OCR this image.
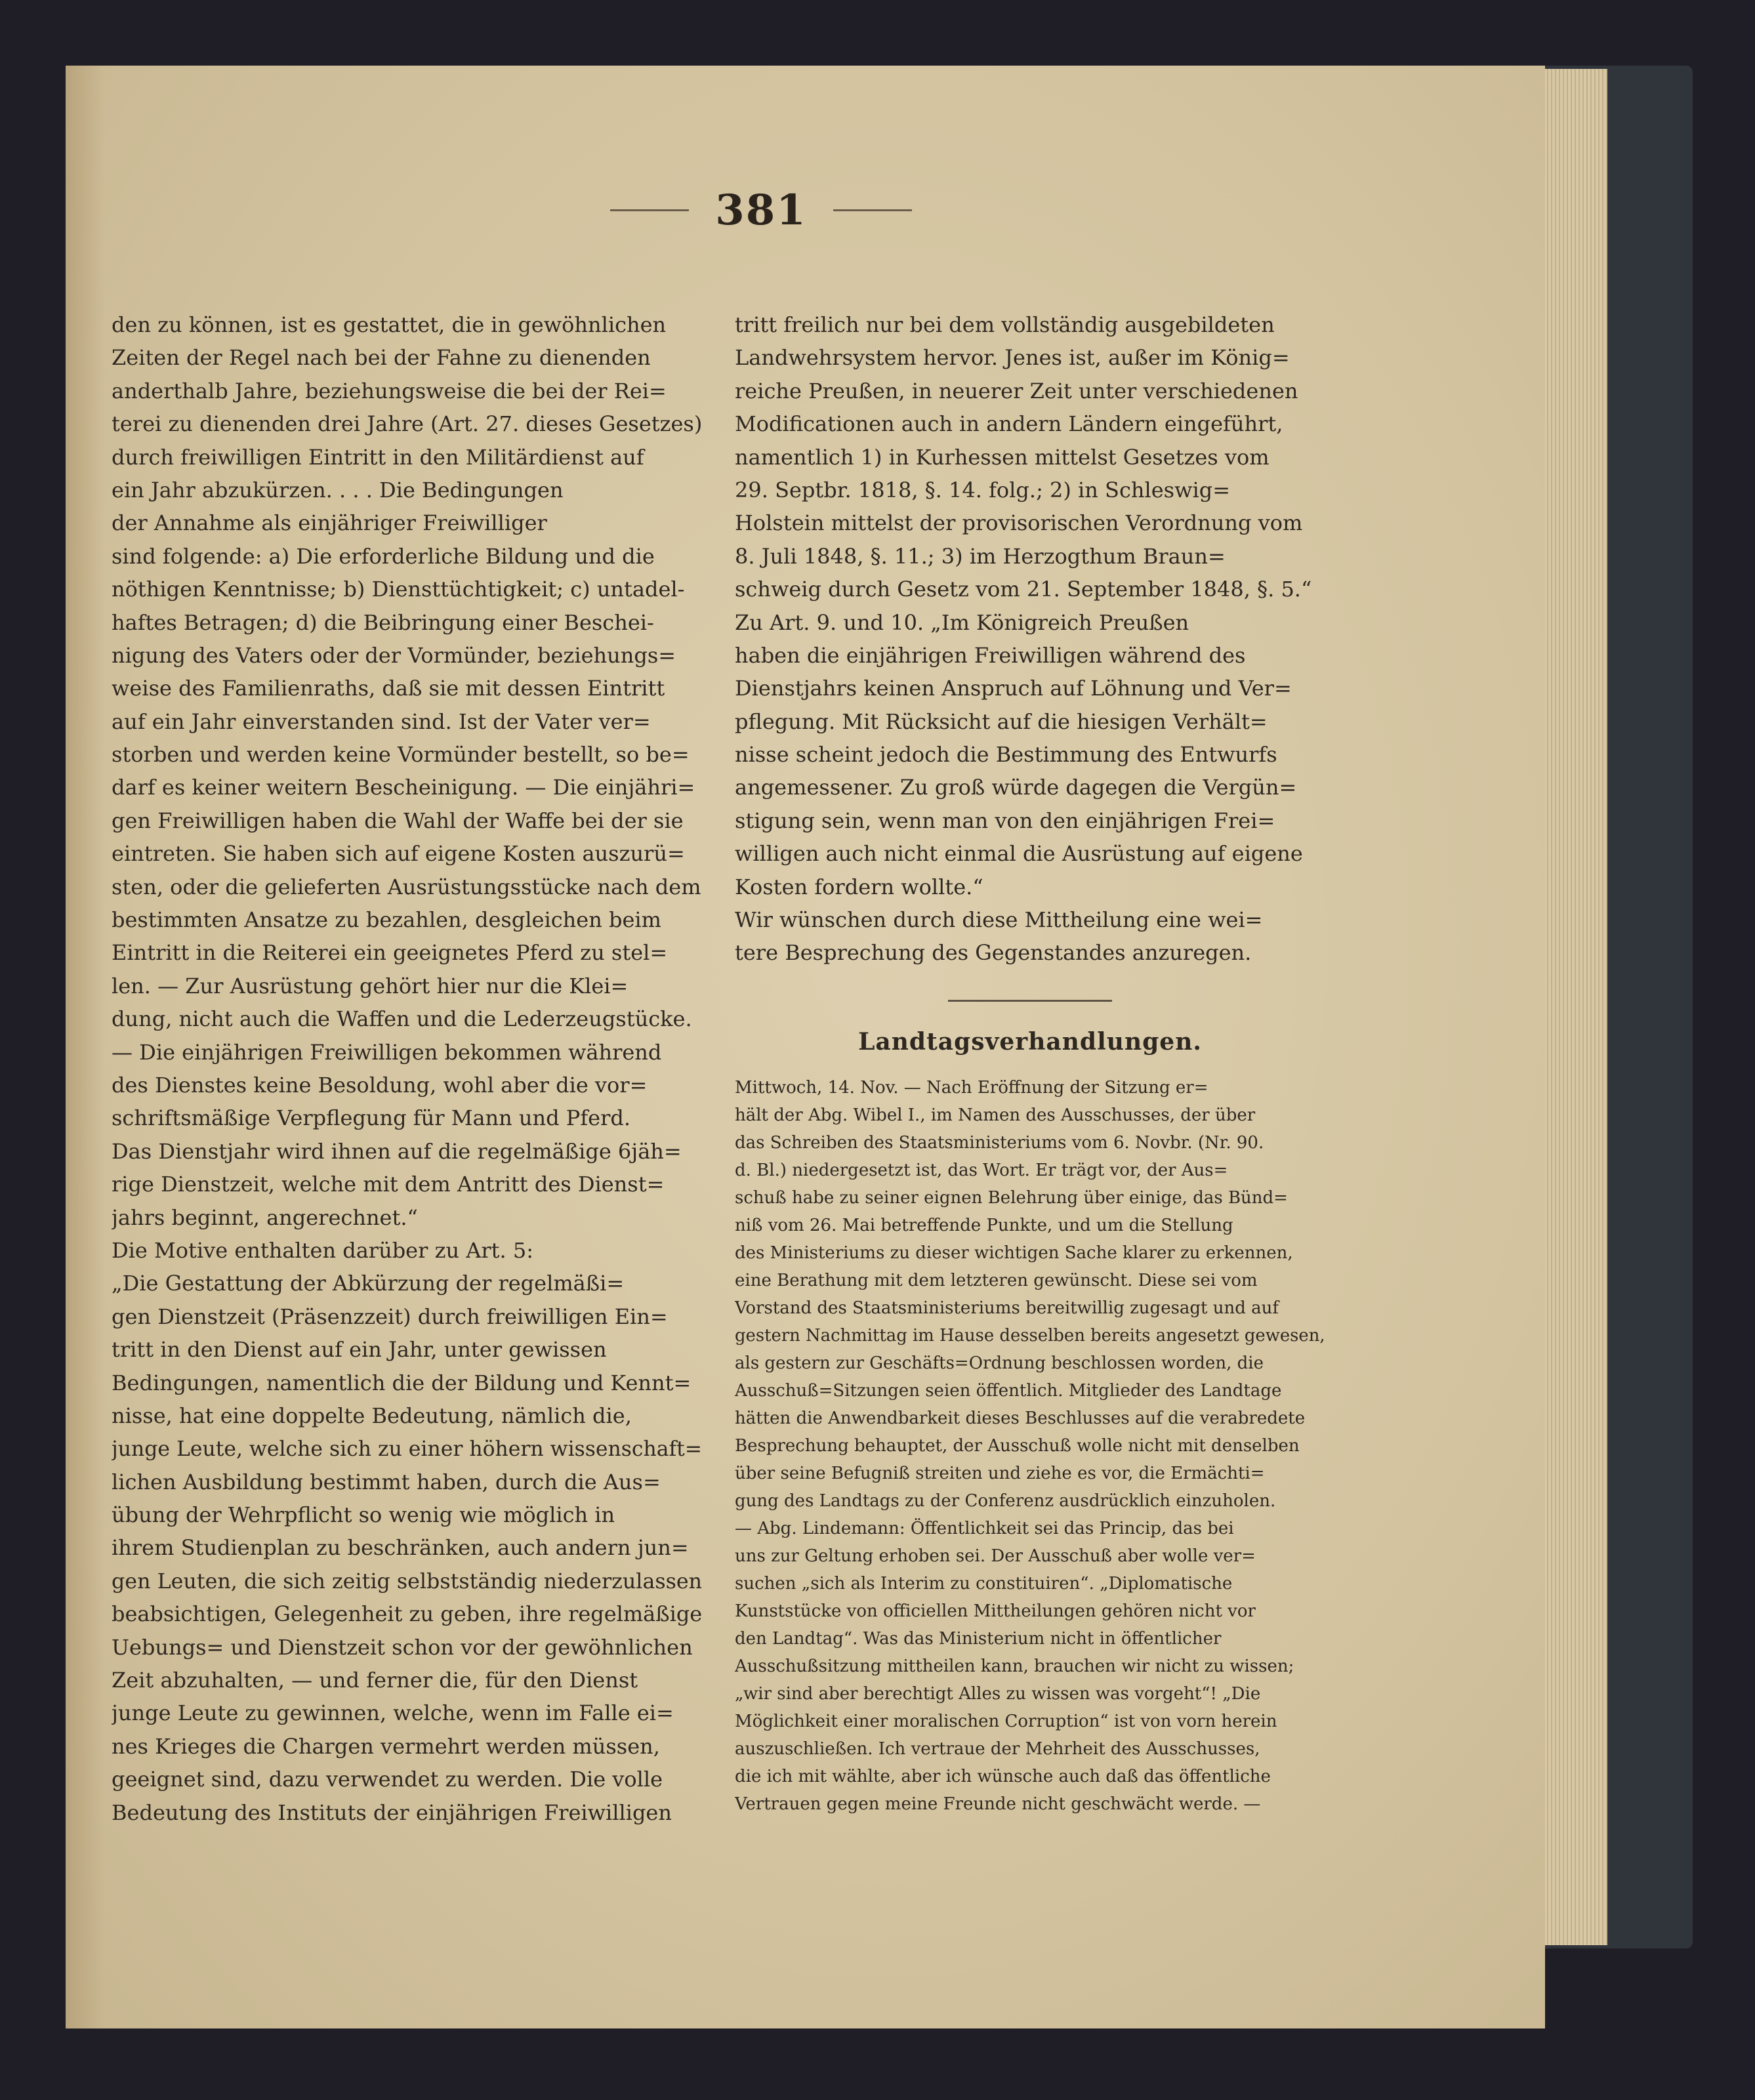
381
den zu können, ist es gestattet, die in gewöhnlichen
Zeiten der Regel nach bei der Fahne zu dienenden
anderthalb Jahre, beziehungsweise die bei der Rei=
terei zu dienenden drei Jahre (Art. 27. dieses Gesetzes)
durch freiwilligen Eintritt in den Militärdienst auf
ein Jahr abzukürzen. . . . Die Bedingungen
der Annahme als einjähriger Freiwilliger
sind folgende: a) Die erforderliche Bildung und die
nöthigen Kenntnisse; b) Diensttüchtigkeit; c) untadel-
haftes Betragen; d) die Beibringung einer Beschei-
nigung des Vaters oder der Vormünder, beziehungs=
weise des Familienraths, daß sie mit dessen Eintritt
auf ein Jahr einverstanden sind. Ist der Vater ver=
storben und werden keine Vormünder bestellt, so be=
darf es keiner weitern Bescheinigung. — Die einjähri=
gen Freiwilligen haben die Wahl der Waffe bei der sie
eintreten. Sie haben sich auf eigene Kosten auszurü=
sten, oder die gelieferten Ausrüstungsstücke nach dem
bestimmten Ansatze zu bezahlen, desgleichen beim
Eintritt in die Reiterei ein geeignetes Pferd zu stel=
len. — Zur Ausrüstung gehört hier nur die Klei=
dung, nicht auch die Waffen und die Lederzeugstücke.
— Die einjährigen Freiwilligen bekommen während
des Dienstes keine Besoldung, wohl aber die vor=
schriftsmäßige Verpflegung für Mann und Pferd.
Das Dienstjahr wird ihnen auf die regelmäßige 6jäh=
rige Dienstzeit, welche mit dem Antritt des Dienst=
jahrs beginnt, angerechnet.“
Die Motive enthalten darüber zu Art. 5:
„Die Gestattung der Abkürzung der regelmäßi=
gen Dienstzeit (Präsenzzeit) durch freiwilligen Ein=
tritt in den Dienst auf ein Jahr, unter gewissen
Bedingungen, namentlich die der Bildung und Kennt=
nisse, hat eine doppelte Bedeutung, nämlich die,
junge Leute, welche sich zu einer höhern wissenschaft=
lichen Ausbildung bestimmt haben, durch die Aus=
übung der Wehrpflicht so wenig wie möglich in
ihrem Studienplan zu beschränken, auch andern jun=
gen Leuten, die sich zeitig selbstständig niederzulassen
beabsichtigen, Gelegenheit zu geben, ihre regelmäßige
Uebungs= und Dienstzeit schon vor der gewöhnlichen
Zeit abzuhalten, — und ferner die, für den Dienst
junge Leute zu gewinnen, welche, wenn im Falle ei=
nes Krieges die Chargen vermehrt werden müssen,
geeignet sind, dazu verwendet zu werden. Die volle
Bedeutung des Instituts der einjährigen Freiwilligen
tritt freilich nur bei dem vollständig ausgebildeten
Landwehrsystem hervor. Jenes ist, außer im König=
reiche Preußen, in neuerer Zeit unter verschiedenen
Modificationen auch in andern Ländern eingeführt,
namentlich 1) in Kurhessen mittelst Gesetzes vom
29. Septbr. 1818, §. 14. folg.; 2) in Schleswig=
Holstein mittelst der provisorischen Verordnung vom
8. Juli 1848, §. 11.; 3) im Herzogthum Braun=
schweig durch Gesetz vom 21. September 1848, §. 5.“
Zu Art. 9. und 10. „Im Königreich Preußen
haben die einjährigen Freiwilligen während des
Dienstjahrs keinen Anspruch auf Löhnung und Ver=
pflegung. Mit Rücksicht auf die hiesigen Verhält=
nisse scheint jedoch die Bestimmung des Entwurfs
angemessener. Zu groß würde dagegen die Vergün=
stigung sein, wenn man von den einjährigen Frei=
willigen auch nicht einmal die Ausrüstung auf eigene
Kosten fordern wollte.“
Wir wünschen durch diese Mittheilung eine wei=
tere Besprechung des Gegenstandes anzuregen.
Landtagsverhandlungen.
Mittwoch, 14. Nov. — Nach Eröffnung der Sitzung er=
hält der Abg. Wibel I., im Namen des Ausschusses, der über
das Schreiben des Staatsministeriums vom 6. Novbr. (Nr. 90.
d. Bl.) niedergesetzt ist, das Wort. Er trägt vor, der Aus=
schuß habe zu seiner eignen Belehrung über einige, das Bünd=
niß vom 26. Mai betreffende Punkte, und um die Stellung
des Ministeriums zu dieser wichtigen Sache klarer zu erkennen,
eine Berathung mit dem letzteren gewünscht. Diese sei vom
Vorstand des Staatsministeriums bereitwillig zugesagt und auf
gestern Nachmittag im Hause desselben bereits angesetzt gewesen,
als gestern zur Geschäfts=Ordnung beschlossen worden, die
Ausschuß=Sitzungen seien öffentlich. Mitglieder des Landtage
hätten die Anwendbarkeit dieses Beschlusses auf die verabredete
Besprechung behauptet, der Ausschuß wolle nicht mit denselben
über seine Befugniß streiten und ziehe es vor, die Ermächti=
gung des Landtags zu der Conferenz ausdrücklich einzuholen.
— Abg. Lindemann: Öffentlichkeit sei das Princip, das bei
uns zur Geltung erhoben sei. Der Ausschuß aber wolle ver=
suchen „sich als Interim zu constituiren“. „Diplomatische
Kunststücke von officiellen Mittheilungen gehören nicht vor
den Landtag“. Was das Ministerium nicht in öffentlicher
Ausschußsitzung mittheilen kann, brauchen wir nicht zu wissen;
„wir sind aber berechtigt Alles zu wissen was vorgeht“! „Die
Möglichkeit einer moralischen Corruption“ ist von vorn herein
auszuschließen. Ich vertraue der Mehrheit des Ausschusses,
die ich mit wählte, aber ich wünsche auch daß das öffentliche
Vertrauen gegen meine Freunde nicht geschwächt werde. —
